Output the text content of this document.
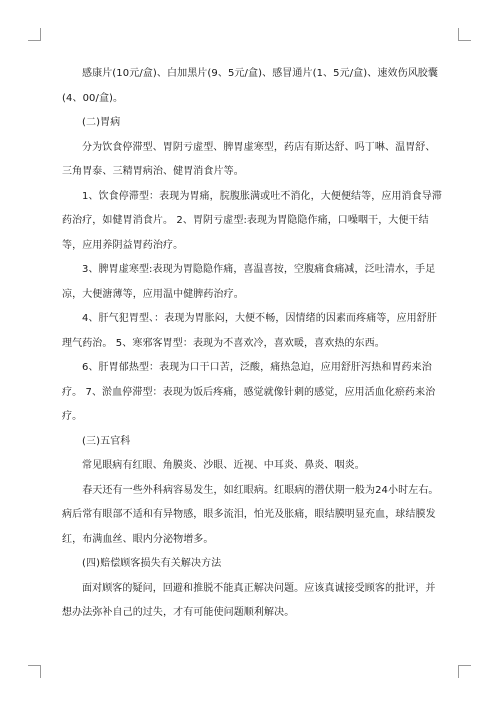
感康片(10元/盒)、白加黑片(9、5元/盒)、感冒通片(1、5元/盒)、速效伤风胶囊(4、00/盒)。

(二)胃病

分为饮食停滞型、胃阴亏虚型、脾胃虚寒型，药店有斯达舒、吗丁啉、温胃舒、三角胃泰、三精胃病治、健胃消食片等。

1、饮食停滞型：表现为胃痛，脘腹胀满或吐不消化，大便便结等，应用消食导滞药治疗，如健胃消食片。 2、胃阴亏虚型:表现为胃隐隐作痛，口噪咽干，大便干结等，应用养阴益胃药治疗。

3、脾胃虚寒型:表现为胃隐隐作痛，喜温喜按，空腹痛食痛减，泛吐清水，手足凉，大便溏薄等，应用温中健脾药治疗。

4、肝气犯胃型、：表现为胃胀闷，大便不畅，因情绪的因素而疼痛等，应用舒肝理气药治。 5、寒邪客胃型：表现为不喜欢冷，喜欢暖，喜欢热的东西。

6、肝胃郁热型：表现为口干口苦，泛酸，痛热急迫，应用舒肝泻热和胃药来治疗。 7、淤血停滞型：表现为饭后疼痛，感觉就像针刺的感觉，应用活血化瘀药来治疗。

(三)五官科

常见眼病有红眼、角膜炎、沙眼、近视、中耳炎、鼻炎、咽炎。

　　春天还有一些外科病容易发生，如红眼病。红眼病的潜伏期一般为24小时左右。病后常有眼部不适和有异物感，眼多流泪，怕光及胀痛，眼结膜明显充血，球结膜发红，布满血丝、眼内分泌物增多。

(四)赔偿顾客损失有关解决方法

面对顾客的疑问，回避和推脱不能真正解决问题。应该真诚接受顾客的批评，并想办法弥补自己的过失，才有可能使问题顺利解决。
